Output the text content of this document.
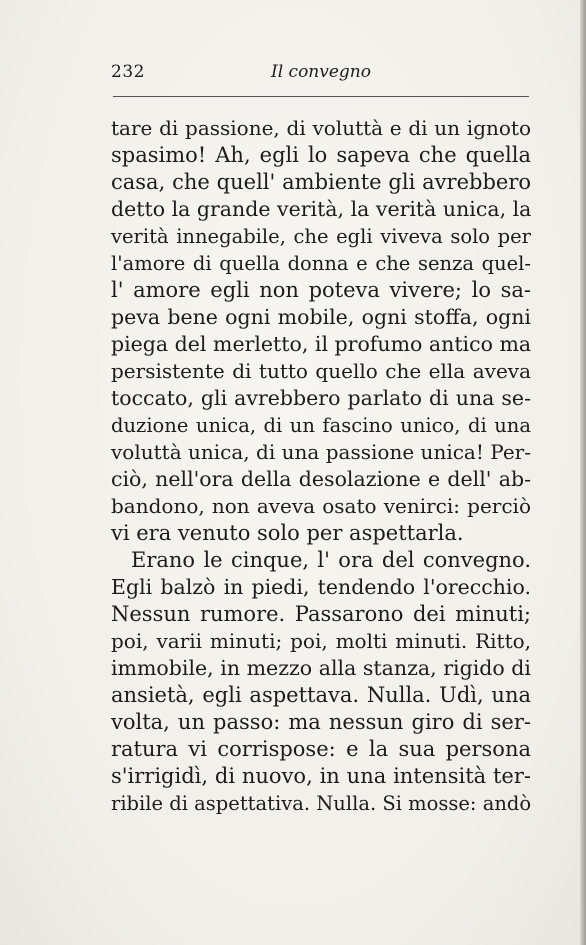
232	Il convegno
tare di passione, di voluttà e di un ignoto
spasimo! Ah, egli lo sapeva che quella
casa, che quell' ambiente gli avrebbero
detto la grande verità, la verità unica, la
verità innegabile, che egli viveva solo per
l'amore di quella donna e che senza quel-
l' amore egli non poteva vivere; lo sa-
peva bene ogni mobile, ogni stoffa, ogni
piega del merletto, il profumo antico ma
persistente di tutto quello che ella aveva
toccato, gli avrebbero parlato di una se-
duzione unica, di un fascino unico, di una
voluttà unica, di una passione unica! Per-
ciò, nell'ora della desolazione e dell' ab-
bandono, non aveva osato venirci: perciò
vi era venuto solo per aspettarla.
Erano le cinque, l' ora del convegno.
Egli balzò in piedi, tendendo l'orecchio.
Nessun rumore. Passarono dei minuti;
poi, varii minuti; poi, molti minuti. Ritto,
immobile, in mezzo alla stanza, rigido di
ansietà, egli aspettava. Nulla. Udì, una
volta, un passo: ma nessun giro di ser-
ratura vi corrispose: e la sua persona
s'irrigidì, di nuovo, in una intensità ter-
ribile di aspettativa. Nulla. Si mosse: andò
